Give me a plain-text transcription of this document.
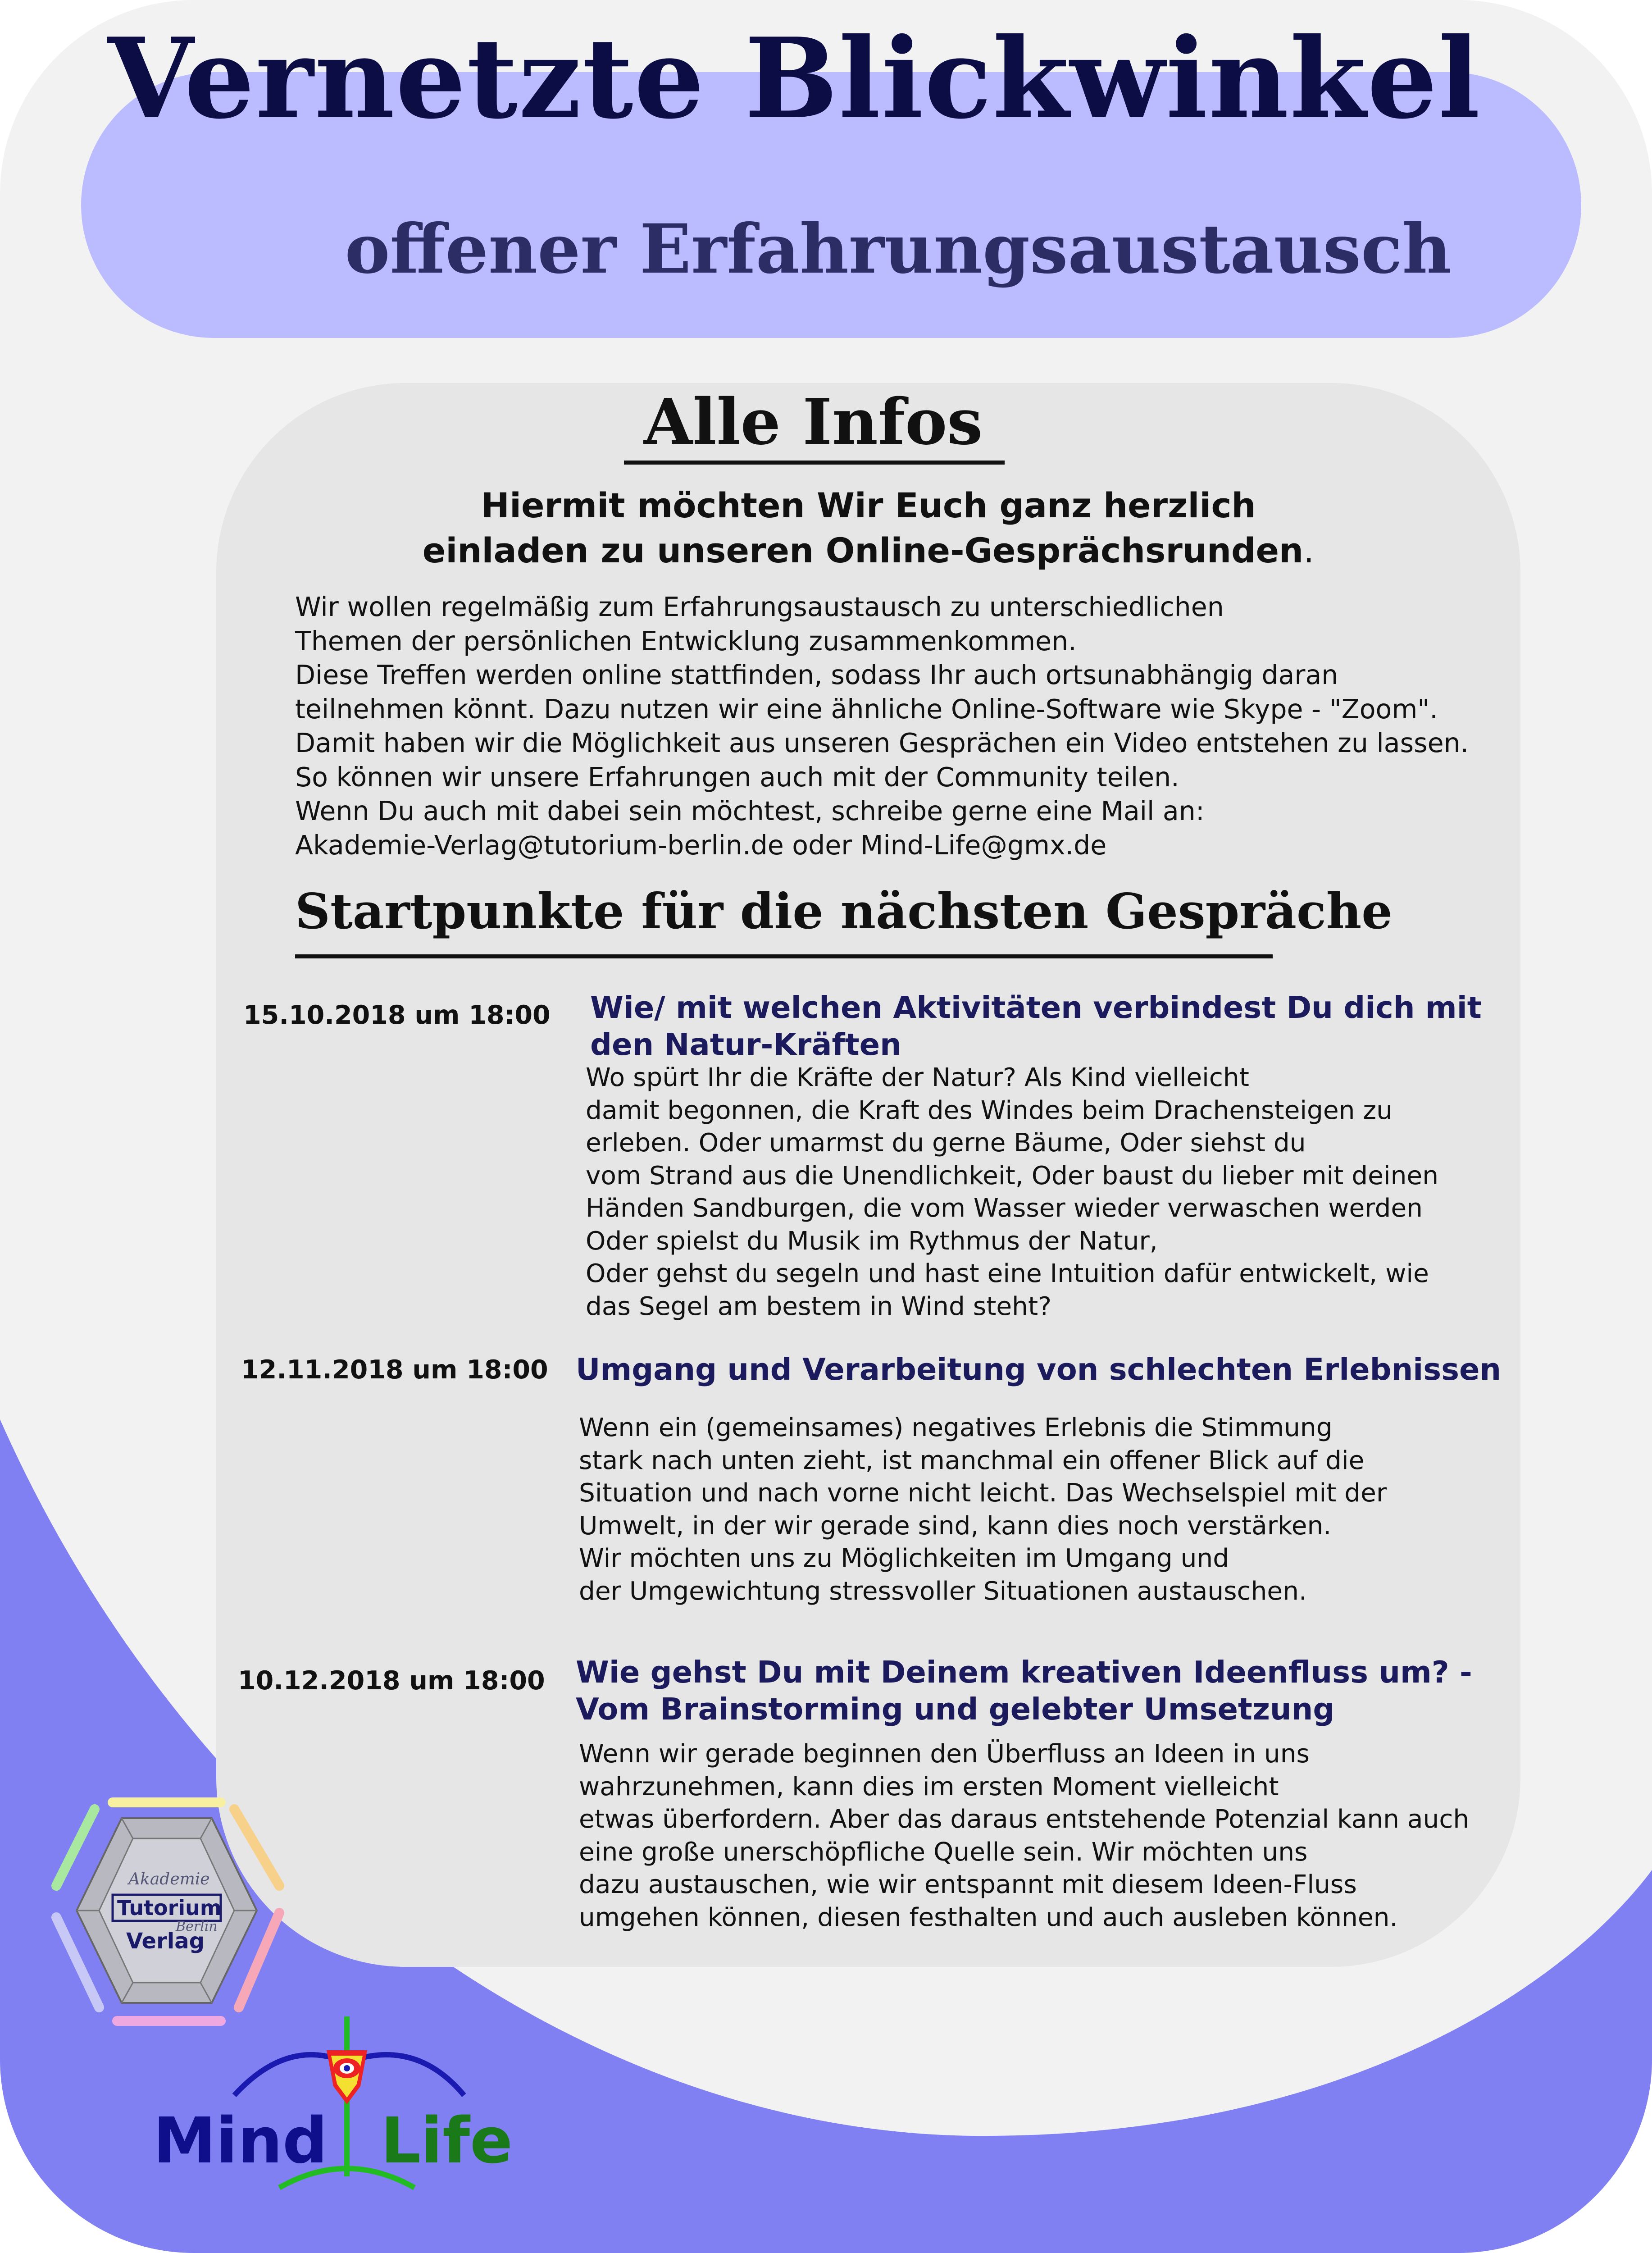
Vernetzte Blickwinkel
offener Erfahrungsaustausch
Alle Infos

Hiermit möchten Wir Euch ganz herzlich
einladen zu unseren Online-Gesprächsrunden.

Wir wollen regelmäßig zum Erfahrungsaustausch zu unterschiedlichen
Themen der persönlichen Entwicklung zusammenkommen.
Diese Treffen werden online stattfinden, sodass Ihr auch ortsunabhängig daran
teilnehmen könnt. Dazu nutzen wir eine ähnliche Online-Software wie Skype - "Zoom".
Damit haben wir die Möglichkeit aus unseren Gesprächen ein Video entstehen zu lassen.
So können wir unsere Erfahrungen auch mit der Community teilen.
Wenn Du auch mit dabei sein möchtest, schreibe gerne eine Mail an:
Akademie-Verlag@tutorium-berlin.de oder Mind-Life@gmx.de

Startpunkte für die nächsten Gespräche

15.10.2018 um 18:00 Wie/ mit welchen Aktivitäten verbindest Du dich mit
den Natur-Kräften

Wo spürt Ihr die Kräfte der Natur? Als Kind vielleicht
damit begonnen, die Kraft des Windes beim Drachensteigen zu
erleben. Oder umarmst du gerne Bäume, Oder siehst du
vom Strand aus die Unendlichkeit, Oder baust du lieber mit deinen
Händen Sandburgen, die vom Wasser wieder verwaschen werden
Oder spielst du Musik im Rythmus der Natur,
Oder gehst du segeln und hast eine Intuition dafür entwickelt, wie
das Segel am bestem in Wind steht?

12.11.2018 um 18:00 Umgang und Verarbeitung von schlechten Erlebnissen

Wenn ein (gemeinsames) negatives Erlebnis die Stimmung
stark nach unten zieht, ist manchmal ein offener Blick auf die
Situation und nach vorne nicht leicht. Das Wechselspiel mit der
Umwelt, in der wir gerade sind, kann dies noch verstärken.
Wir möchten uns zu Möglichkeiten im Umgang und
der Umgewichtung stressvoller Situationen austauschen.

10.12.2018 um 18:00 Wie gehst Du mit Deinem kreativen Ideenfluss um? -
Vom Brainstorming und gelebter Umsetzung

Wenn wir gerade beginnen den Überfluss an Ideen in uns
wahrzunehmen, kann dies im ersten Moment vielleicht
etwas überfordern. Aber das daraus entstehende Potenzial kann auch
eine große unerschöpfliche Quelle sein. Wir möchten uns
dazu austauschen, wie wir entspannt mit diesem Ideen-Fluss
umgehen können, diesen festhalten und auch ausleben können.

Akademie
Tutorium
Berlin
Verlag
Mind Life
